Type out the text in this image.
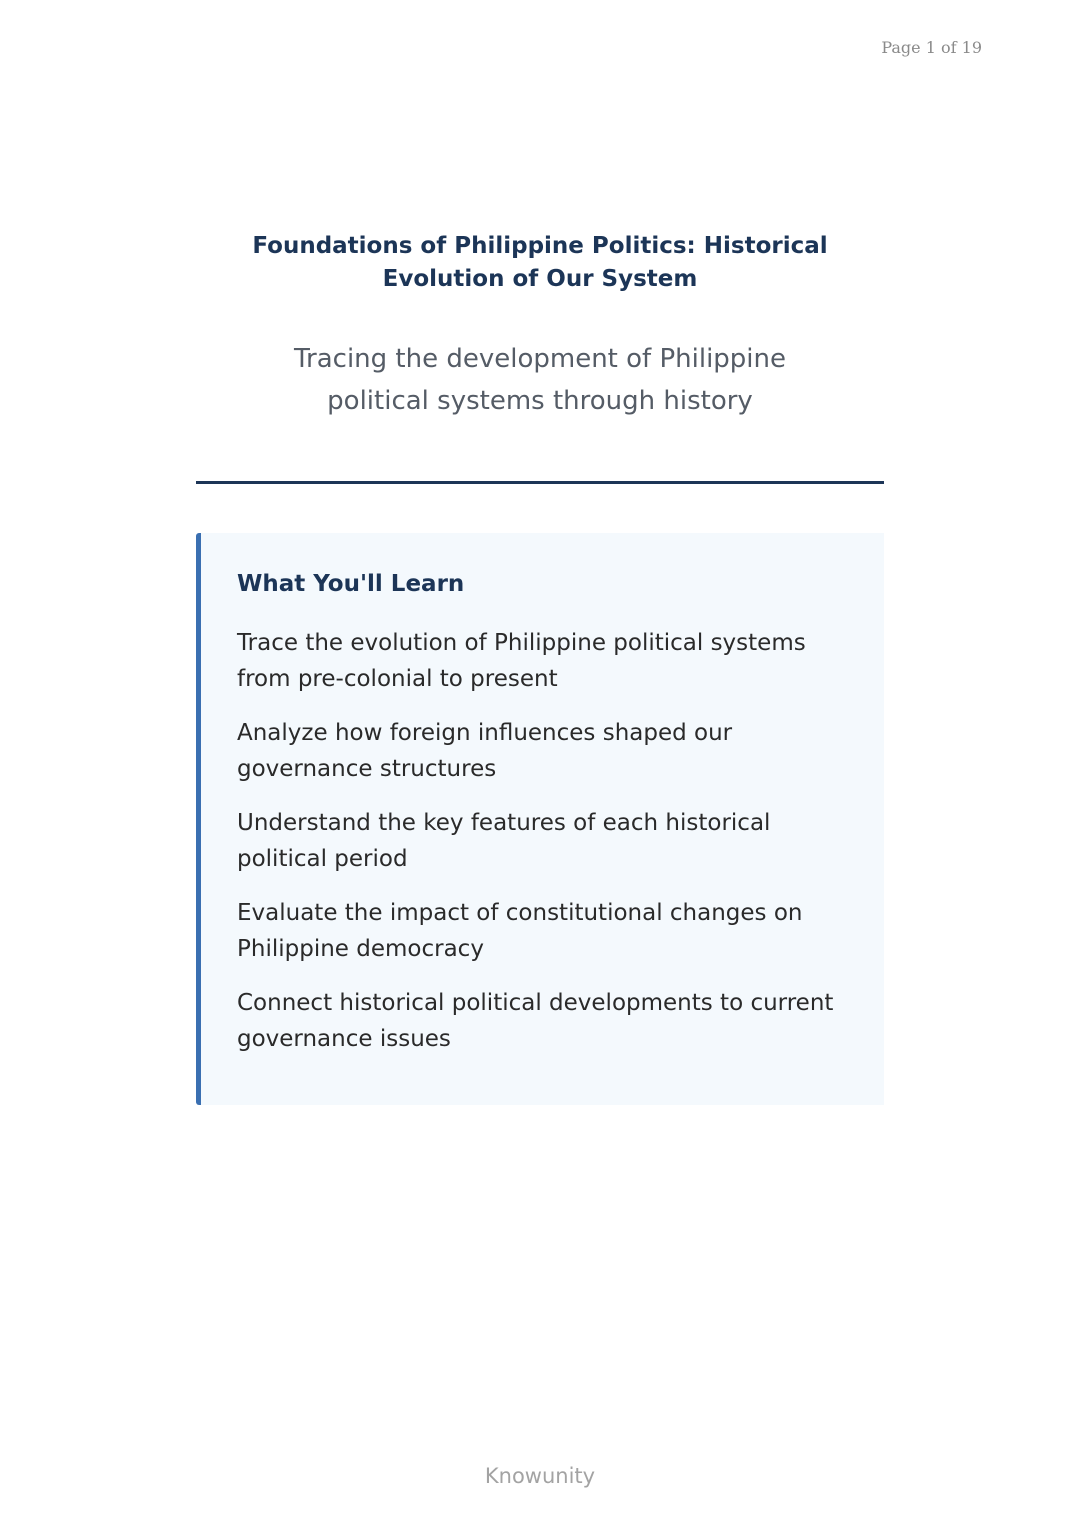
Page 1 of 19
Foundations of Philippine Politics: Historical Evolution of Our System

Tracing the development of Philippine political systems through history

What You'll Learn
Trace the evolution of Philippine political systems from pre-colonial to present
Analyze how foreign influences shaped our governance structures
Understand the key features of each historical political period
Evaluate the impact of constitutional changes on Philippine democracy
Connect historical political developments to current governance issues
Knowunity
